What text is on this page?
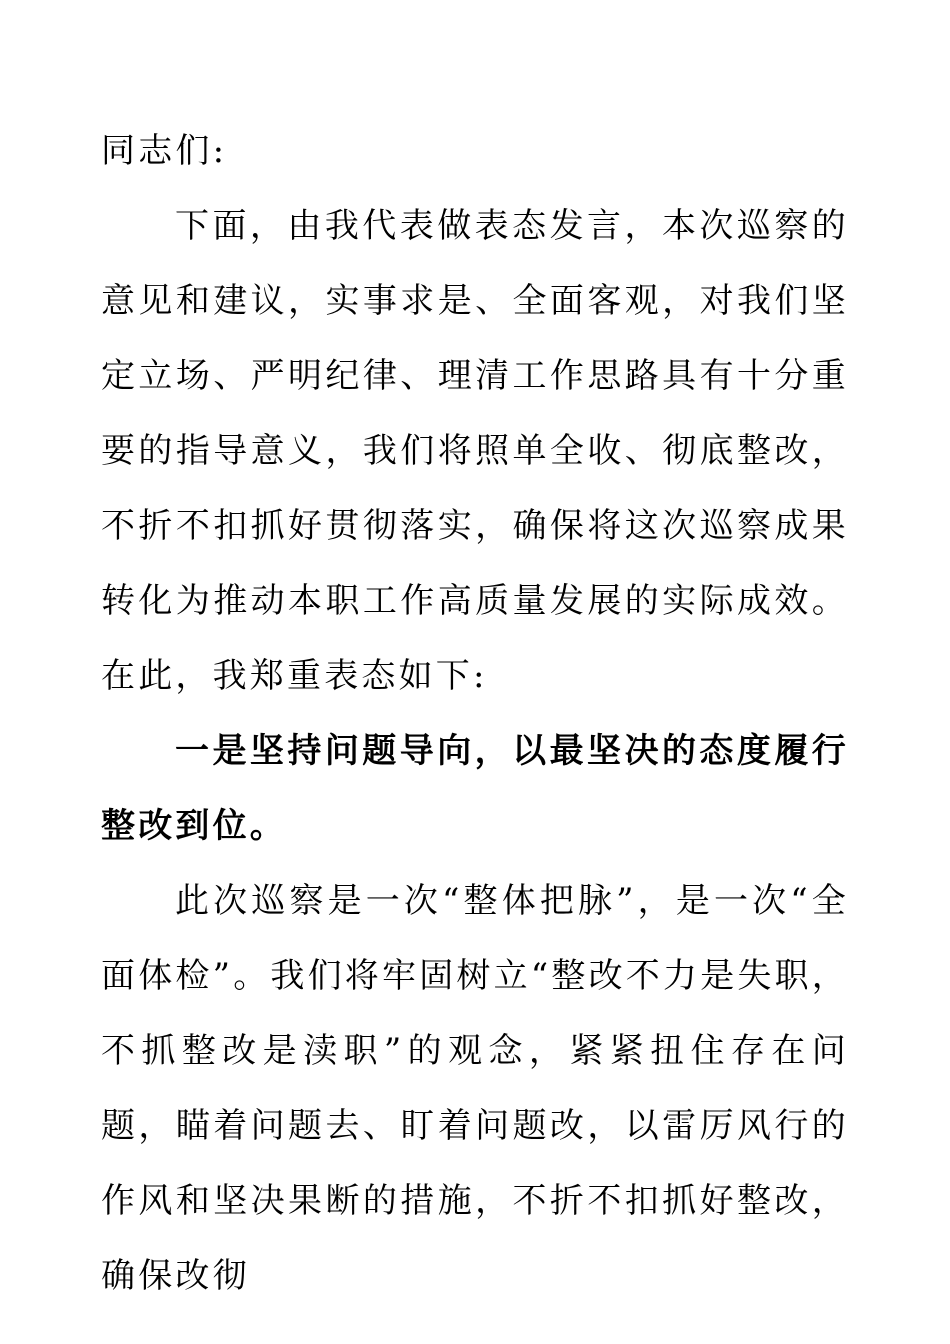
同志们:

下面，由我代表做表态发言，本次巡察的意见和建议，实事求是、全面客观，对我们坚定立场、严明纪律、理清工作思路具有十分重要的指导意义，我们将照单全收、彻底整改，不折不扣抓好贯彻落实，确保将这次巡察成果转化为推动本职工作高质量发展的实际成效。在此，我郑重表态如下:

一是坚持问题导向，以最坚决的态度履行整改到位。

此次巡察是一次“整体把脉”，是一次“全面体检”。我们将牢固树立“整改不力是失职，不抓整改是渎职”的观念，紧紧扭住存在问题，瞄着问题去、盯着问题改，以雷厉风行的作风和坚决果断的措施，不折不扣抓好整改，确保改彻
